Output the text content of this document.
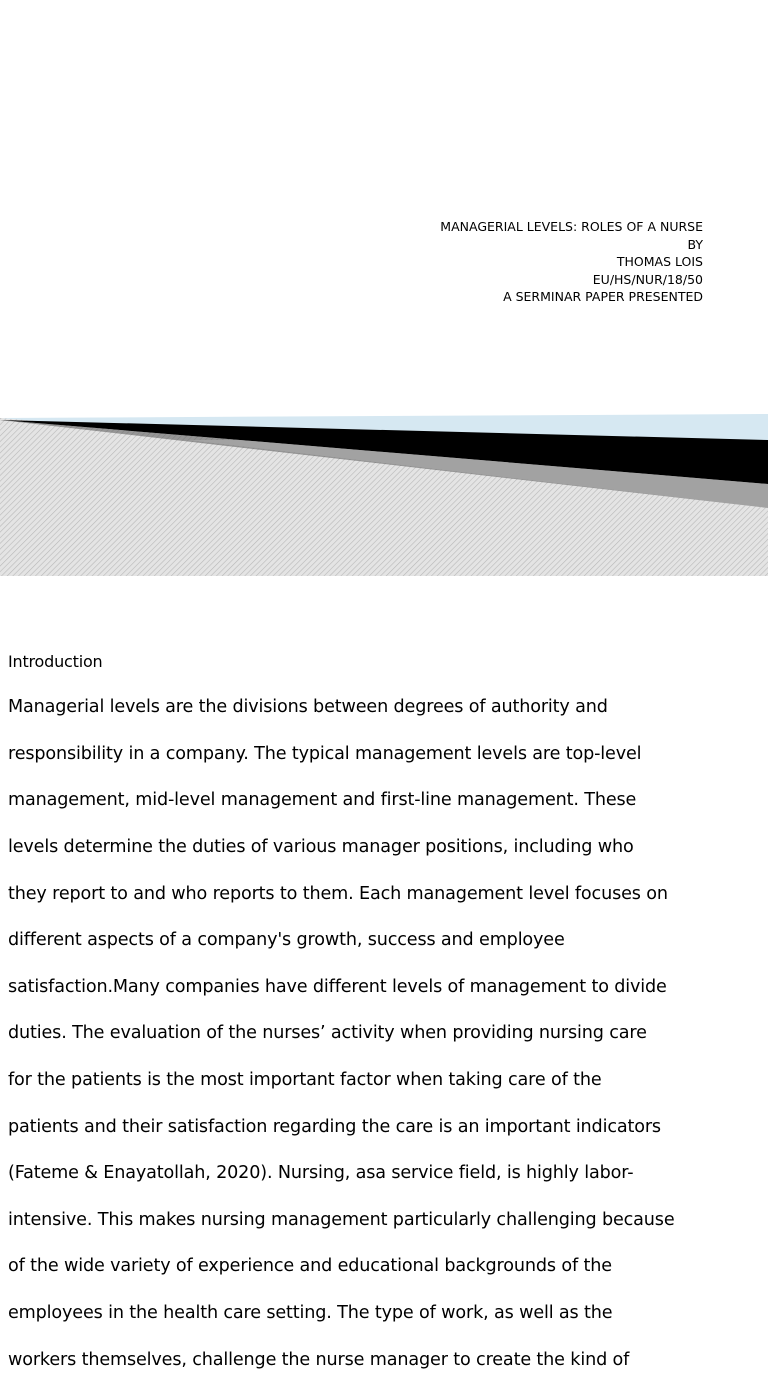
MANAGERIAL LEVELS: ROLES OF A NURSE
BY
THOMAS LOIS
EU/HS/NUR/18/50
A SERMINAR PAPER PRESENTED
Introduction

Managerial levels are the divisions between degrees of authority and

responsibility in a company. The typical management levels are top-level

management, mid-level management and first-line management. These

levels determine the duties of various manager positions, including who

they report to and who reports to them. Each management level focuses on

different aspects of a company's growth, success and employee

satisfaction.Many companies have different levels of management to divide

duties. The evaluation of the nurses’ activity when providing nursing care

for the patients is the most important factor when taking care of the

patients and their satisfaction regarding the care is an important indicators

(Fateme & Enayatollah, 2020). Nursing, asa service field, is highly labor-

intensive. This makes nursing management particularly challenging because

of the wide variety of experience and educational backgrounds of the

employees in the health care setting. The type of work, as well as the

workers themselves, challenge the nurse manager to create the kind of
